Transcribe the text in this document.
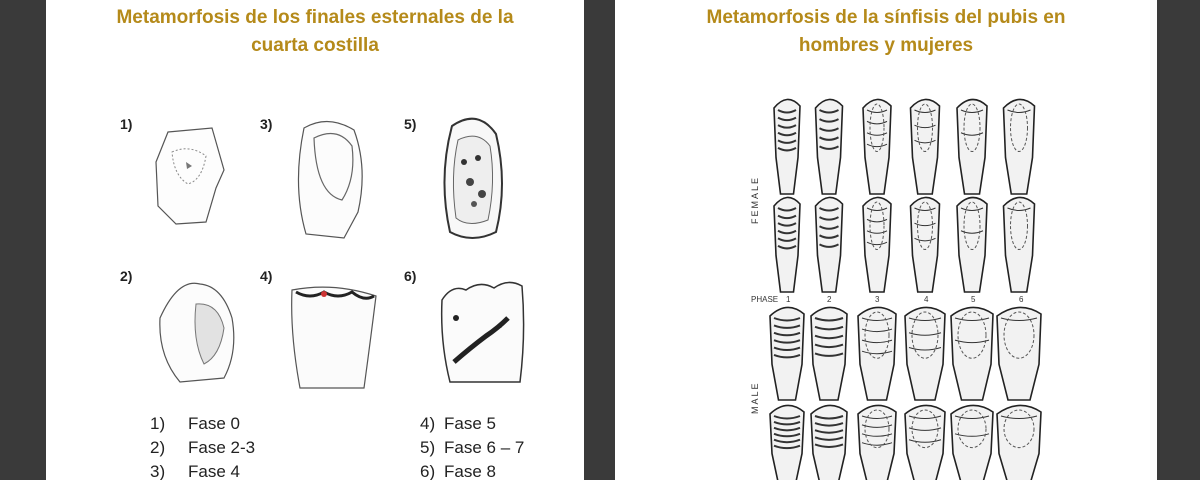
Metamorfosis de los finales esternales de la
cuarta costilla
1)
2)
3)
4)
5)
6)
1) Fase 0
2) Fase 2-3
3) Fase 4
4) Fase 5
5) Fase 6 – 7
6) Fase 8
Metamorfosis de la sínfisis del pubis en
hombres y mujeres
FEMALE
MALE
PHASE 1	2	3	4	5	6
